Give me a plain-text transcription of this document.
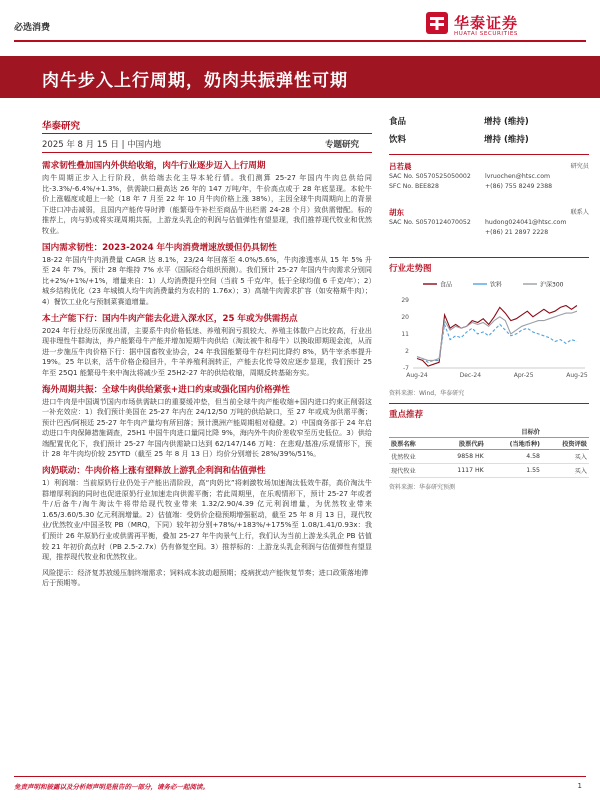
必选消费	华泰证券
HUATAI SECURITIES
肉牛步入上行周期，奶肉共振弹性可期
华泰研究
2025 年 8 月 15 日 | 中国内地	专题研究
需求韧性叠加国内外供给收缩，肉牛行业逐步迈入上行周期
肉牛周期正步入上行阶段，供给端去化主导本轮行情。我们测算 25-27 年国内牛肉总供给同比-3.3%/-6.4%/+1.3%，供需缺口最高达 26 年的 147 万吨/年，牛价高点或于 28 年底显现。本轮牛价上涨幅度或超上一轮（18 年 7 月至 22 年 10 月牛肉价格上涨 38%），主因全球牛肉周期向上的背景下进口冲击减弱，且国内产能传导时滞（能繁母牛补栏至商品牛出栏需 24-28 个月）致供需错配。标的推荐上，肉与奶或将实现周期共振，上游龙头乳企的利润与估值弹性有望显现，我们推荐现代牧业和优然牧业。
国内需求韧性：2023-2024 年牛肉消费增速放缓但仍具韧性
18-22 年国内牛肉消费量 CAGR 达 8.1%，23/24 年回落至 4.0%/5.6%，牛肉渗透率从 15 年 5% 升至 24 年 7%，预计 28 年维持 7% 水平（国际经合组织预测）。我们预计 25-27 年国内牛肉需求分别同比+2%/+1%/+1%，增量来自：1）人均消费提升空间（当前 5 千克/年，低于全球均值 6 千克/年）；2）城乡结构优化（23 年城镇人均牛肉消费量约为农村的 1.76x）；3）高端牛肉需求扩容（如安格斯牛肉）；4）餐饮工业化与预制菜赛道增量。
本土产能下行：国内牛肉产能去化进入深水区，25 年或为供需拐点
2024 年行业经历深度出清，主要系牛肉价格低迷、养殖利润亏损较大、养殖主体散户占比较高，行业出现非理性牛群淘汰，养户能繁母牛产能并增加短期牛肉供给（淘汰被牛和母牛）以换取即期现金流，从而进一步施压牛肉价格下行：据中国畜牧业协会，24 年我国能繁母牛存栏同比降约 8%，奶牛宰杀率提升 19%。25 年以来，活牛价格企稳回升，牛羊养殖利润转正，产能去化传导效应逐步显现，我们预计 25 年至 25Q1 能繁母牛来中淘汰将减少至 25H2-27 年的供给收缩，周期反转基础夯实。
海外周期共振：全球牛肉供给紧张+进口约束或强化国内价格弹性
进口牛肉是中国调节国内市场供需缺口的重要缓冲垫，但当前全球牛肉产能收缩+国内进口约束正削弱这一补充效应：1）我们预计美国在 25-27 年内在 24/12/50 万吨的供给缺口，至 27 年或成为供需平衡；预计巴西/阿根廷 25-27 年牛肉产量均有所回落；预计澳洲产能周期相对稳健。2）中国商务部于 24 年启动进口牛肉保障措施调查，25H1 中国牛肉进口量同比降 9%，海内外牛肉价差收窄至历史低位。3）供给端配置优化下，我们预计 25-27 年国内供需缺口达到 62/147/146 万吨：在悲观/基准/乐观情形下，预计 28 年牛肉均价较 25YTD（截至 25 年 8 月 13 日）均价分别增长 28%/39%/51%。
肉奶联动：牛肉价格上涨有望释放上游乳企利润和估值弹性
1）利润端：当前原奶行业仍处于产能出清阶段，高“肉奶比”将刺激牧场加速淘汰低效牛群，高价淘汰牛群增厚利润的同时也促进原奶行业加速走向供需平衡；若此周期里，在乐观情形下，预计 25-27 年或者牛/后备牛/淘牛淘汰牛将带给现代牧业带来 1.32/2.90/4.39 亿元利润增量，为优然牧业带来 1.65/3.60/5.30 亿元利润增量。2）估值端：受奶价企稳预期增强驱动，截至 25 年 8 月 13 日，现代牧业/优然牧业/中国圣牧 PB（MRQ，下同）较年初分别+78%/+183%/+175%至 1.08/1.41/0.93x：我们预计 26 年原奶行业或供需再平衡，叠加 25-27 年牛肉景气上行，我们认为当前上游龙头乳企 PB 估值较 21 年初价高点时（PB 2.5-2.7x）仍有修复空间。3）推荐标的：上游龙头乳企利润与估值弹性有望显现，推荐现代牧业和优然牧业。
风险提示：经济复苏放缓压制终端需求；饲料成本波动超预期；疫病扰动产能恢复节奏；进口政策落地滞后于预期等。
食品	增持 (维持)
饮料	增持 (维持)
吕若晨	研究员
SAC No. S0570525050002
SFC No. BEE828
lvruochen@htsc.com
+(86) 755 8249 2388
胡东	联系人
SAC No. S0570124070052 hudong024041@htsc.com
+(86) 21 2897 2228
行业走势图
食品	饮料	沪深300
-7
2
11
20
29
Aug-24	Dec-24	Apr-25	Aug-25
资料来源：Wind，华泰研究
重点推荐
		目标价	
股票名称	股票代码	(当地币种)	投资评级
优然牧业	9858 HK	4.58	买入
现代牧业	1117 HK	1.55	买入
资料来源：华泰研究预测
免责声明和披露以及分析师声明是报告的一部分，请务必一起阅读。	1
